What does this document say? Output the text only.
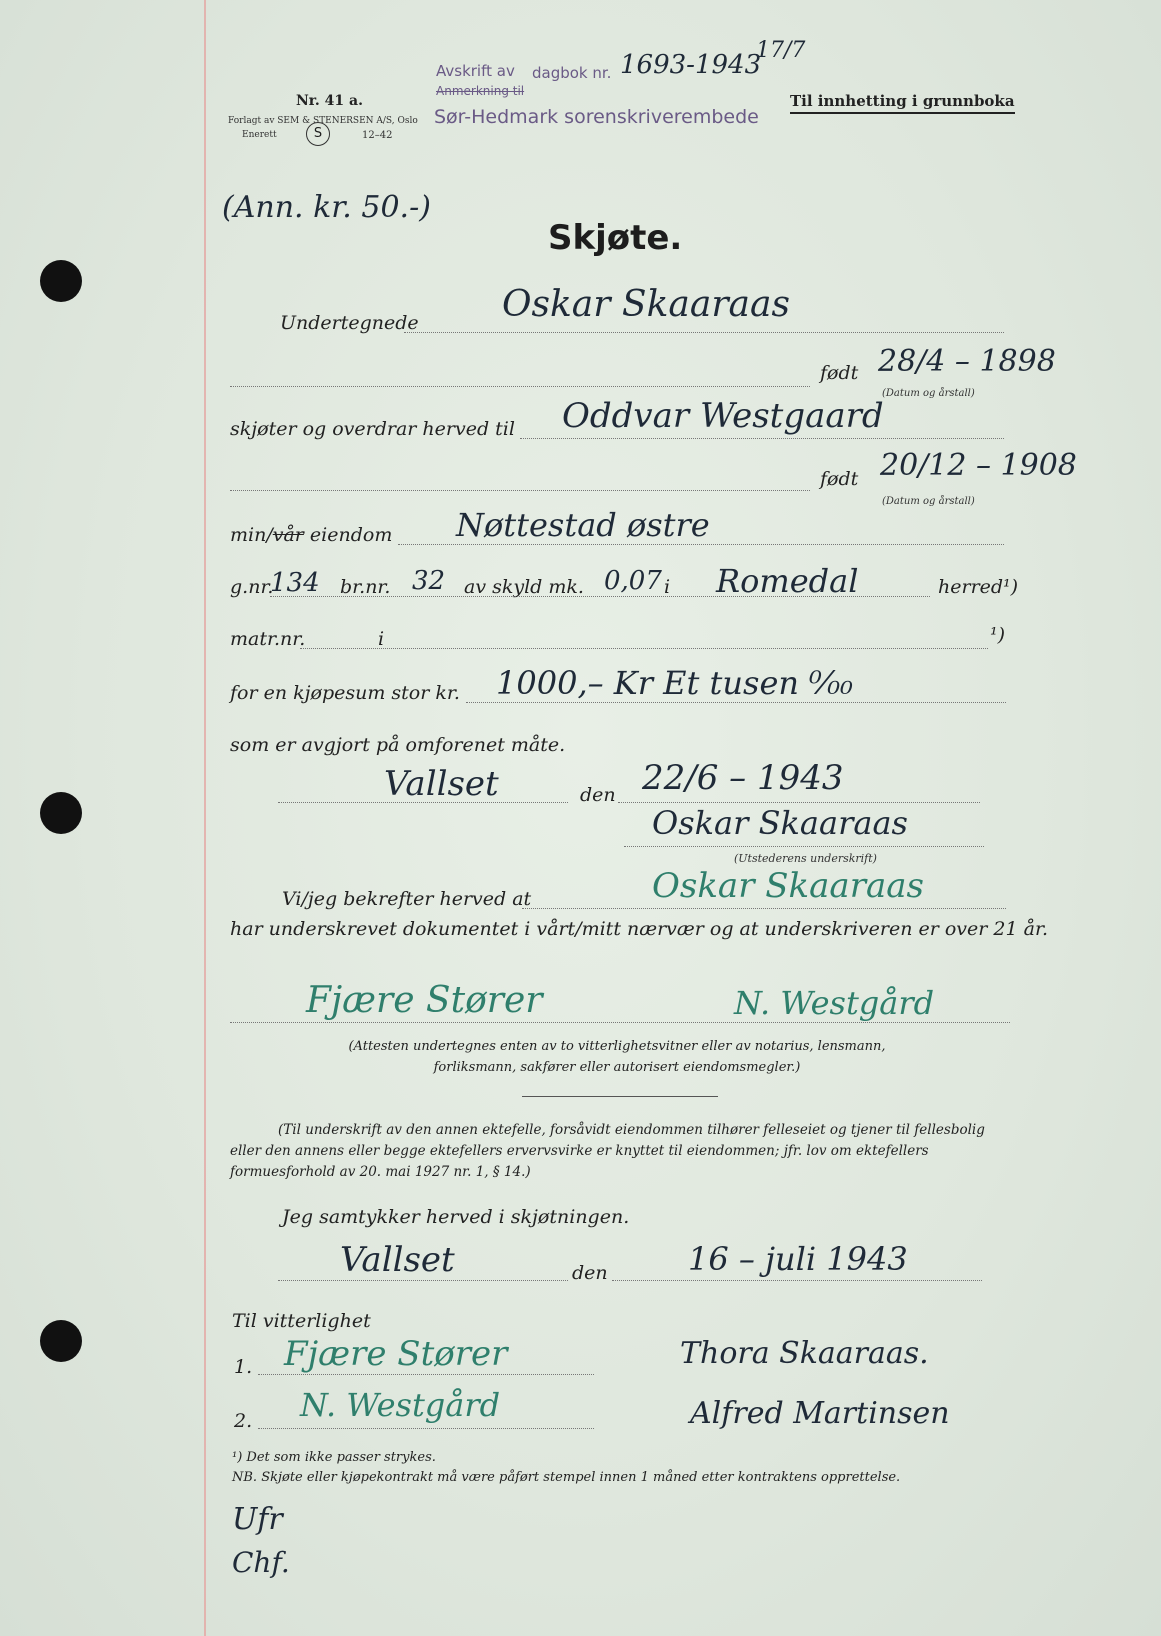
Nr. 41 a.
Forlagt av SEM & STENERSEN A/S, Oslo
Enerett	S	12–42
Avskrift av dagbok nr. 1693-1943
17/7
Anmerkning til
Sør-Hedmark sorenskriverembede
Til innhetting i grunnboka
(Ann. kr. 50.-)
Skjøte.
Undertegnede Oskar Skaaraas
født 28/4 – 1898
(Datum og årstall)
skjøter og overdrar herved til Oddvar Westgaard
født 20/12 – 1908
(Datum og årstall)
min/vår eiendom Nøttestad østre
g.nr.
134 br.nr. 32 av skyld mk. 0,07 i Romedal	herred¹)
matr.nr.	i	¹)
for en kjøpesum stor kr. 1000,– Kr Et tusen ⁰⁄₀₀
som er avgjort på omforenet måte.
Vallset	den 22/6 – 1943
Oskar Skaaraas
(Utstederens underskrift)
Vi/jeg bekrefter herved at	Oskar Skaaraas
har underskrevet dokumentet i vårt/mitt nærvær og at underskriveren er over 21 år.
Fjære Stører	N. Westgård
(Attesten undertegnes enten av to vitterlighetsvitner eller av notarius, lensmann, forliksmann, sakfører eller autorisert eiendomsmegler.)
(Til underskrift av den annen ektefelle, forsåvidt eiendommen tilhører felleseiet og tjener til fellesbolig eller den annens eller begge ektefellers ervervsvirke er knyttet til eiendommen; jfr. lov om ektefellers formuesforhold av 20. mai 1927 nr. 1, § 14.)
Jeg samtykker herved i skjøtningen.
Vallset	den	16 – juli 1943
Til vitterlighet
1. Fjære Stører	Thora Skaaraas.
2. N. Westgård	Alfred Martinsen
¹) Det som ikke passer strykes.
NB. Skjøte eller kjøpekontrakt må være påført stempel innen 1 måned etter kontraktens opprettelse.
Ufr
Chf.
